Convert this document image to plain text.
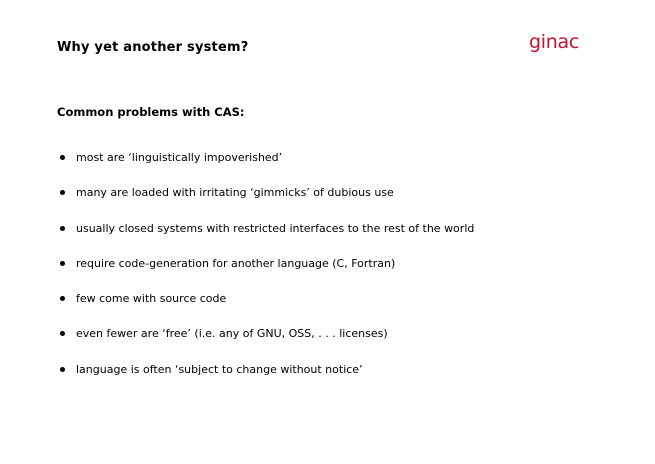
Why yet another system?	ginac
Common problems with CAS:
most are ‘linguistically impoverished’
many are loaded with irritating ‘gimmicks’ of dubious use
usually closed systems with restricted interfaces to the rest of the world
require code-generation for another language (C, Fortran)
few come with source code
even fewer are ‘free’ (i.e. any of GNU, OSS, . . . licenses)
language is often ‘subject to change without notice’
